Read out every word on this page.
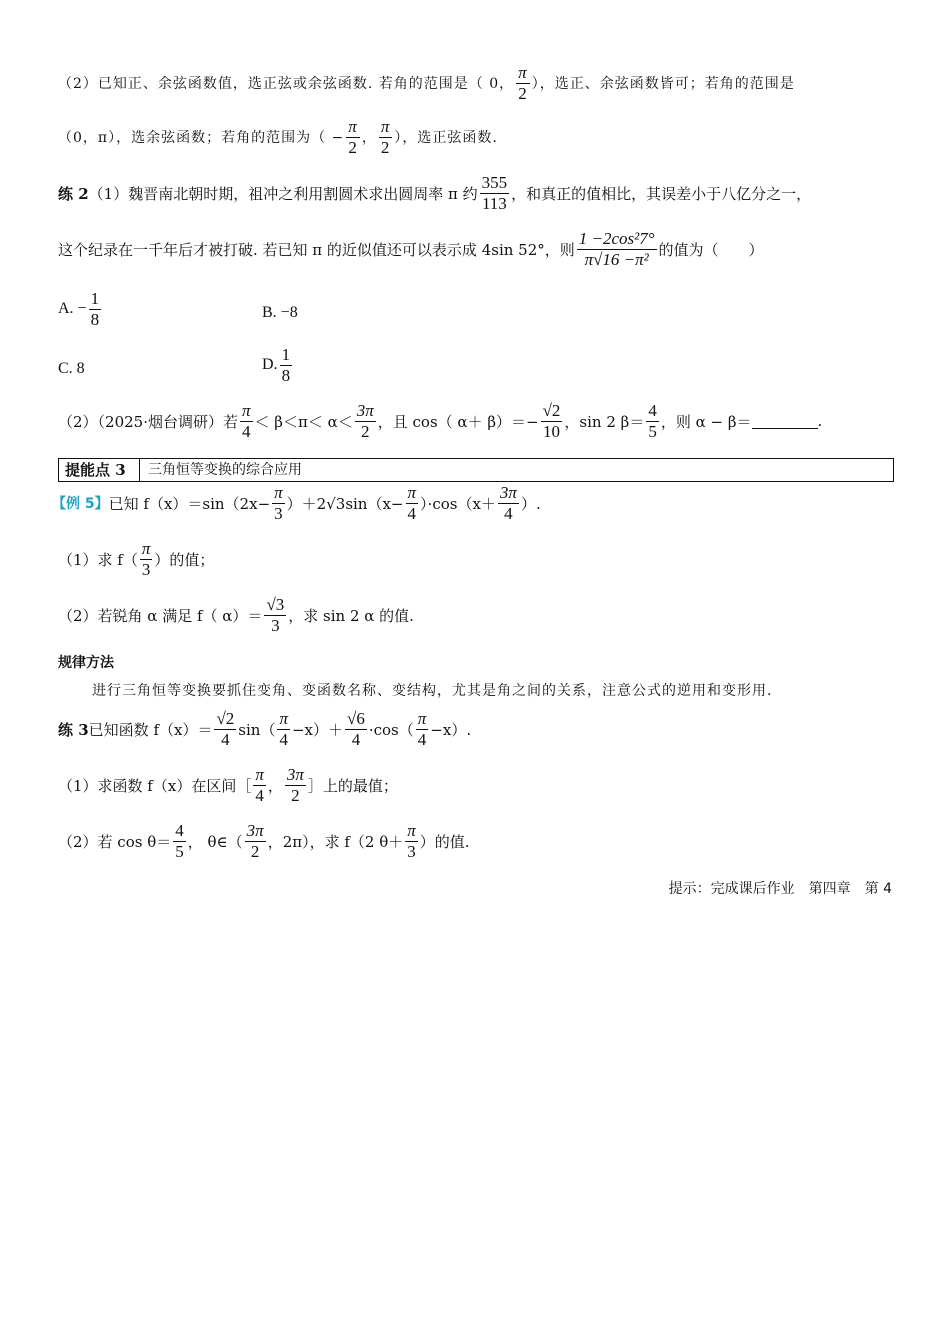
（2）已知正、余弦函数值，选正弦或余弦函数. 若角的范围是（ 0， $\frac{\pi}{2}$ ），选正、余弦函数皆可；若角的范围是
（0，π），选余弦函数；若角的范围为（ − $\frac{\pi}{2}$ ， $\frac{\pi}{2}$ ），选正弦函数.
练 2 （1）魏晋南北朝时期，祖冲之利用割圆术求出圆周率 π 约 $\frac{355}{113}$ ，和真正的值相比，其误差小于八亿分之一，
这个纪录在一千年后才被打破. 若已知 π 的近似值还可以表示成 4sin 52°，则 $\frac{\text{1 −2cos²7°}}{\text{π√16 −π²}}$ 的值为（　　）
A. − $\frac{1}{8}$	B. −8
C. 8	D. $\frac{1}{8}$
（2）（2025·烟台调研）若 $\frac{\pi}{4} < \beta<\pi< \alpha< \frac{3\pi}{2}$ ，且 cos（ $\alpha+ \beta)=- \frac{√2}{10}$ ，sin 2 $\beta= \frac{4}{5}$ ，则 α − β＝	.
提能点 3	三角恒等变换的综合应用
【例 5】 已知 $f(x)=\sin(2x- \frac{\pi}{3} )+2√3\sin(x- \frac{\pi}{4} )\cdot\cos(x+ \frac{3\pi}{4}$ ）.
（1）求 $f( \frac{\pi}{3}$ ）的值；
（2）若锐角 α 满足 f（ $\alpha)= \frac{√3}{3}$ ，求 sin 2 α 的值.
规律方法
进行三角恒等变换要抓住变角、变函数名称、变结构，尤其是角之间的关系，注意公式的逆用和变形用.
练 3 已知函数 $f(x)= \frac{√2}{4} \sin( \frac{\pi}{4} -x)+ \frac{√6}{4} \cdot\cos( \frac{\pi}{4} -x)$.
（1）求函数 f（x）在区间［ $\frac{\pi}{4}$ ， $\frac{3\pi}{2}$ ］上的最值；
（2）若 $\cos \theta= \frac{4}{5}$ ， θ∈（ $\frac{3\pi}{2}$ ，2π），求 f（2 $\theta+ \frac{\pi}{3}$ ）的值.
提示：完成课后作业　第四章　第 4
